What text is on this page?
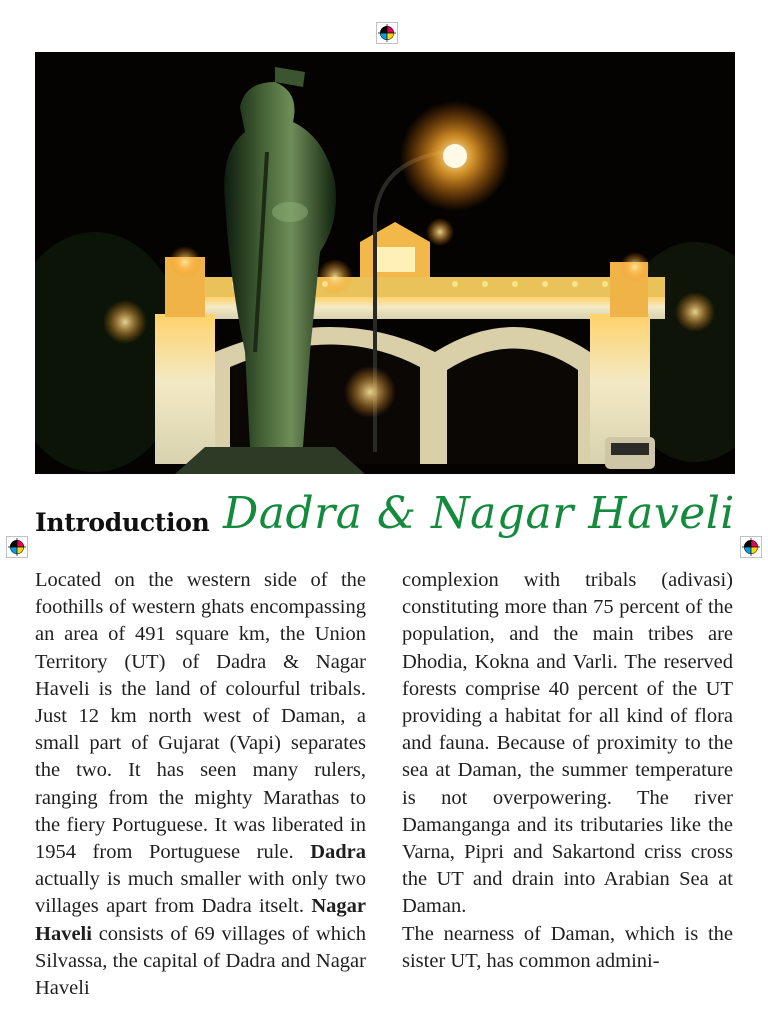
Introduction Dadra & Nagar Haveli
Located on the western side of the foothills of western ghats encompassing an area of 491 square km, the Union Territory (UT) of Dadra & Nagar Haveli is the land of colourful tribals. Just 12 km north west of Daman, a small part of Gujarat (Vapi) separates the two. It has seen many rulers, ranging from the mighty Marathas to the fiery Portuguese. It was liberated in 1954 from Portuguese rule. Dadra actually is much smaller with only two villages apart from Dadra itselt. Nagar Haveli consists of 69 villages of which Silvassa, the capital of Dadra and Nagar Haveli
complexion with tribals (adivasi) constituting more than 75 percent of the population, and the main tribes are Dhodia, Kokna and Varli. The reserved forests comprise 40 percent of the UT providing a habitat for all kind of flora and fauna. Because of proximity to the sea at Daman, the summer temperature is not overpowering. The river Damanganga and its tributaries like the Varna, Pipri and Sakartond criss cross the UT and drain into Arabian Sea at Daman.
The nearness of Daman, which is the sister UT, has common admini-
